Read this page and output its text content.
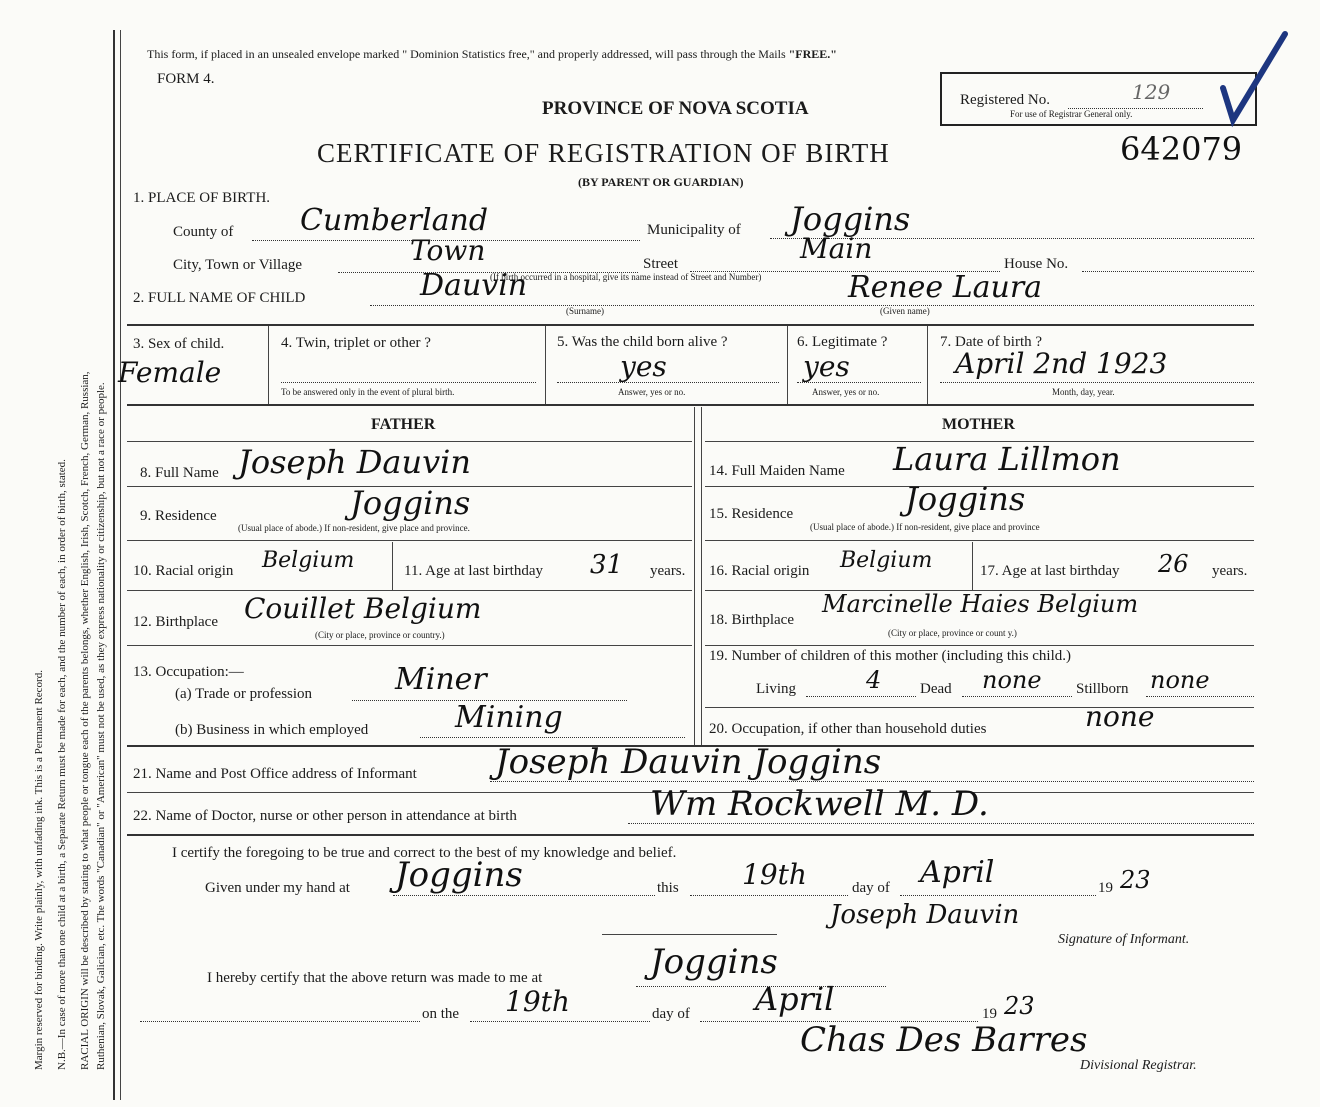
Margin reserved for binding. Write plainly, with unfading ink. This is a Permanent Record. N.B.—In case of more than one child at a birth, a Separate Return must be made for each, and the number of each, in order of birth, stated. RACIAL ORIGIN will be described by stating to what people or tongue each of the parents belongs, whether English, Irish, Scotch, French, German, Russian, Ruthenian, Slovak, Galician, etc. The words "Canadian" or "American" must not be used, as they express nationality or citizenship, but not a race or people.
This form, if placed in an unsealed envelope marked " Dominion Statistics free," and properly addressed, will pass through the Mails "FREE."
FORM 4.
PROVINCE OF NOVA SCOTIA	Registered No.	129
For use of Registrar General only.
CERTIFICATE OF REGISTRATION OF BIRTH	642079
(BY PARENT OR GUARDIAN)
1. PLACE OF BIRTH.
County of Cumberland	Municipality of Joggins
City, Town or Village	Town	Street	Main	House No.
(If birth occurred in a hospital, give its name instead of Street and Number)
2. FULL NAME OF CHILD	Dauvin	Renee Laura
(Surname)	(Given name)
3. Sex of child.
Female
4. Twin, triplet or other ?
To be answered only in the event of plural birth.
5. Was the child born alive ?
yes
Answer, yes or no.
6. Legitimate ?
yes
Answer, yes or no.
7. Date of birth ?
April 2nd 1923
Month, day, year.
FATHER	MOTHER
8. Full Name Joseph Dauvin
9. Residence	Joggins
(Usual place of abode.) If non-resident, give place and province.
10. Racial origin Belgium	11. Age at last birthday 31 years.
12. Birthplace Couillet Belgium
(City or place, province or country.)
13. Occupation:—
(a) Trade or profession	Miner
(b) Business in which employed	Mining
14. Full Maiden Name Laura Lillmon
15. Residence	Joggins
(Usual place of abode.) If non-resident, give place and province
16. Racial origin Belgium	17. Age at last birthday 26 years.
18. Birthplace
Marcinelle Haies Belgium
(City or place, province or count y.)
19. Number of children of this mother (including this child.)
Living	4	Dead none Stillborn none
20. Occupation, if other than household duties	none
21. Name and Post Office address of Informant Joseph Dauvin Joggins
22. Name of Doctor, nurse or other person in attendance at birth	Wm Rockwell M. D.
I certify the foregoing to be true and correct to the best of my knowledge and belief.
Given under my hand at Joggins	this 19th	day of April	19 23
Joseph Dauvin
Signature of Informant.
I hereby certify that the above return was made to me at	Joggins
on the 19th	day of April	19 23
Chas Des Barres
Divisional Registrar.
